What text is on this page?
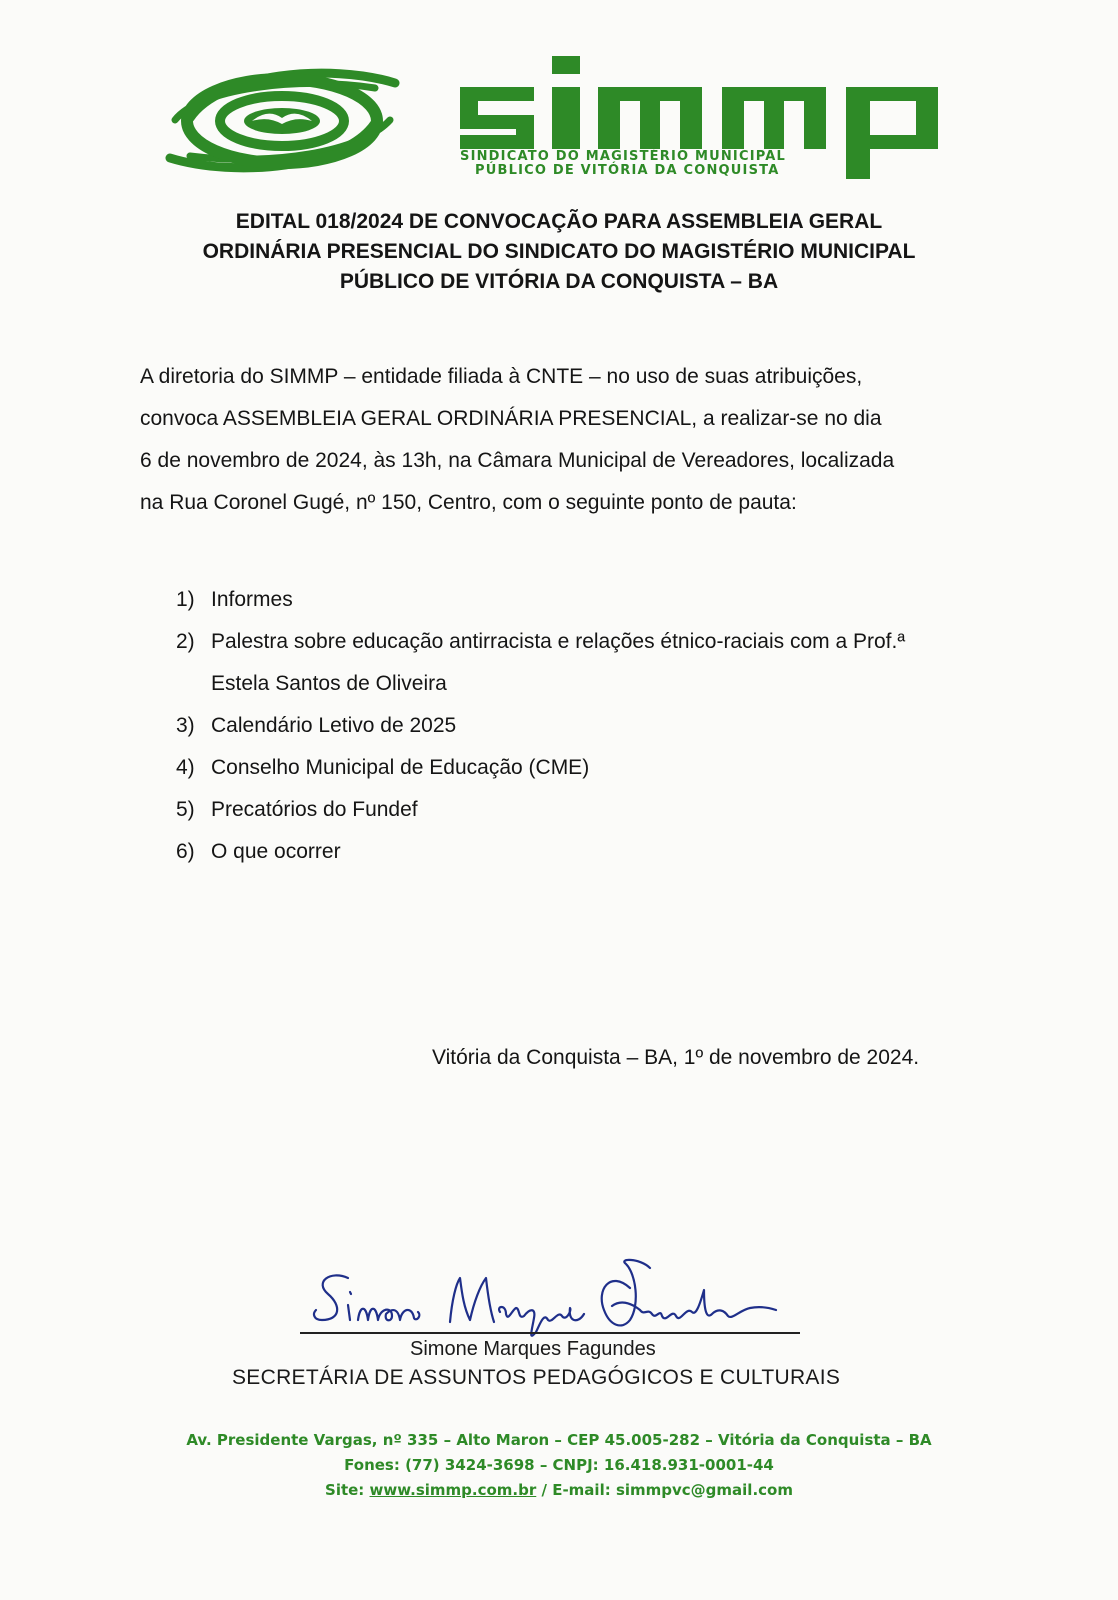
SINDICATO DO MAGISTÉRIO MUNICIPAL
PÚBLICO DE VITÓRIA DA CONQUISTA
EDITAL 018/2024 DE CONVOCAÇÃO PARA ASSEMBLEIA GERAL
ORDINÁRIA PRESENCIAL DO SINDICATO DO MAGISTÉRIO MUNICIPAL
PÚBLICO DE VITÓRIA DA CONQUISTA – BA

A diretoria do SIMMP – entidade filiada à CNTE – no uso de suas atribuições,
convoca ASSEMBLEIA GERAL ORDINÁRIA PRESENCIAL, a realizar-se no dia
6 de novembro de 2024, às 13h, na Câmara Municipal de Vereadores, localizada
na Rua Coronel Gugé, nº 150, Centro, com o seguinte ponto de pauta:

1) Informes
2) Palestra sobre educação antirracista e relações étnico-raciais com a Prof.ª
Estela Santos de Oliveira
3) Calendário Letivo de 2025
4) Conselho Municipal de Educação (CME)
5) Precatórios do Fundef
6) O que ocorrer
Vitória da Conquista – BA, 1º de novembro de 2024.
Simone Marques Fagundes
SECRETÁRIA DE ASSUNTOS PEDAGÓGICOS E CULTURAIS
Av. Presidente Vargas, nº 335 – Alto Maron – CEP 45.005-282 – Vitória da Conquista – BA
Fones: (77) 3424-3698 – CNPJ: 16.418.931-0001-44
Site: www.simmp.com.br / E-mail: simmpvc@gmail.com
